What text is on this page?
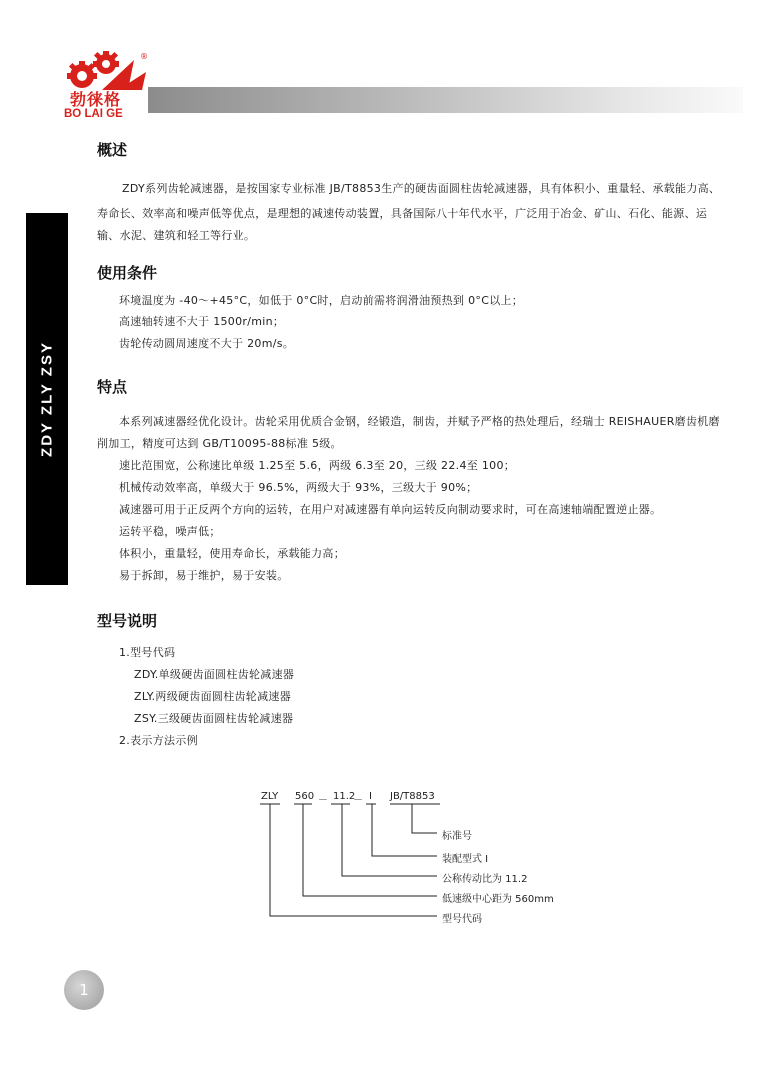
®
勃徕格
BO LAI GE
ZDY ZLY ZSY
概述
ZDY系列齿轮减速器，是按国家专业标准 JB/T8853生产的硬齿面圆柱齿轮减速器，具有体积小、重量轻、承载能力高、
寿命长、效率高和噪声低等优点，是理想的减速传动装置，具备国际八十年代水平，广泛用于冶金、矿山、石化、能源、运
输、水泥、建筑和轻工等行业。
使用条件
环境温度为 -40～+45°C，如低于 0°C时，启动前需将润滑油预热到 0°C以上；
高速轴转速不大于 1500r/min；
齿轮传动圆周速度不大于 20m/s。
特点
本系列减速器经优化设计。齿轮采用优质合金钢，经锻造，制齿，并赋予严格的热处理后，经瑞士 REISHAUER磨齿机磨
削加工，精度可达到 GB/T10095-88标准 5级。
速比范围宽，公称速比单级 1.25至 5.6，两级 6.3至 20，三级 22.4至 100；
机械传动效率高，单级大于 96.5%，两级大于 93%，三级大于 90%；
减速器可用于正反两个方向的运转，在用户对减速器有单向运转反向制动要求时，可在高速轴端配置逆止器。
运转平稳，噪声低；
体积小，重量轻，使用寿命长，承载能力高；
易于拆卸，易于维护，易于安装。
型号说明
1.型号代码
ZDY.单级硬齿面圆柱齿轮减速器
ZLY.两级硬齿面圆柱齿轮减速器
ZSY.三级硬齿面圆柱齿轮减速器
2.表示方法示例
ZLY 560 － 11.2
－ I JB/T8853
标准号
装配型式 I
公称传动比为 11.2
低速级中心距为 560mm
型号代码
1
